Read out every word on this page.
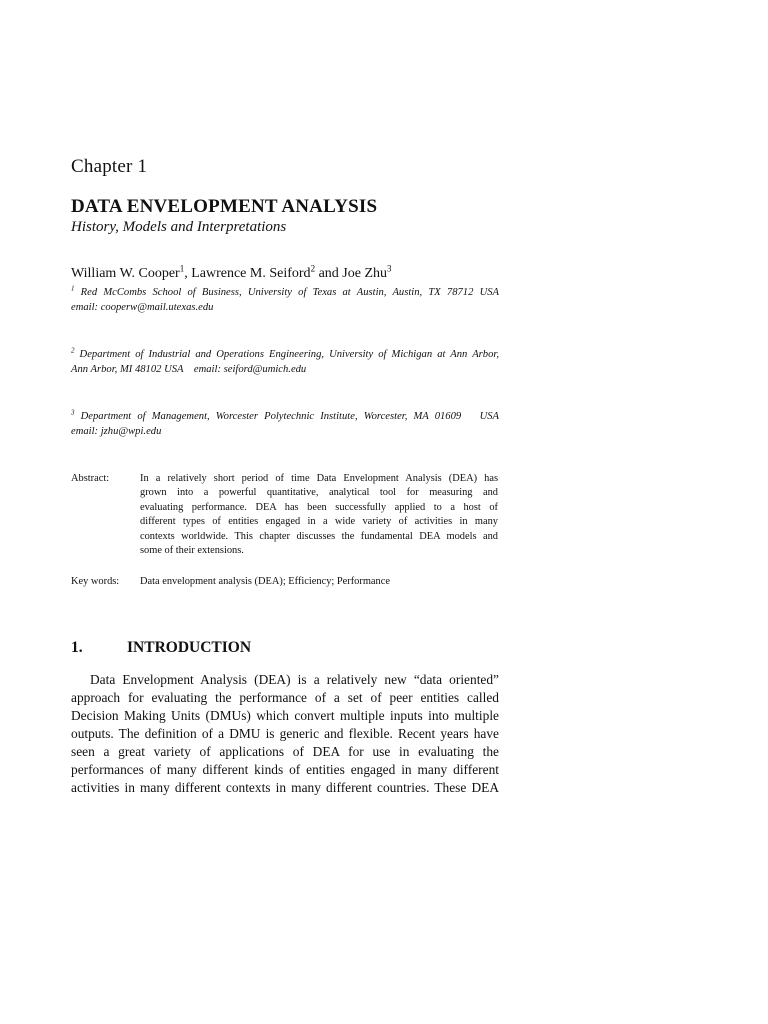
Chapter 1
DATA ENVELOPMENT ANALYSIS
History, Models and Interpretations
William W. Cooper$^1$, Lawrence M. Seiford$^2$ and Joe Zhu$^3$
$^1$ Red McCombs School of Business, University of Texas at Austin, Austin, TX 78712 USA
email: cooperw@mail.utexas.edu
$^2$ Department of Industrial and Operations Engineering, University of Michigan at Ann Arbor,
Ann Arbor, MI 48102 USA    email: seiford@umich.edu
$^3$ Department of Management, Worcester Polytechnic Institute, Worcester, MA 01609   USA
email: jzhu@wpi.edu
Abstract:	In a relatively short period of time Data Envelopment Analysis (DEA) has
grown into a powerful quantitative, analytical tool for measuring and
evaluating performance. DEA has been successfully applied to a host of
different types of entities engaged in a wide variety of activities in many
contexts worldwide. This chapter discusses the fundamental DEA models and
some of their extensions.
Key words: Data envelopment analysis (DEA); Efficiency; Performance
1.	INTRODUCTION
Data Envelopment Analysis (DEA) is a relatively new “data oriented”
approach for evaluating the performance of a set of peer entities called
Decision Making Units (DMUs) which convert multiple inputs into multiple
outputs. The definition of a DMU is generic and flexible. Recent years have
seen a great variety of applications of DEA for use in evaluating the
performances of many different kinds of entities engaged in many different
activities in many different contexts in many different countries. These DEA
